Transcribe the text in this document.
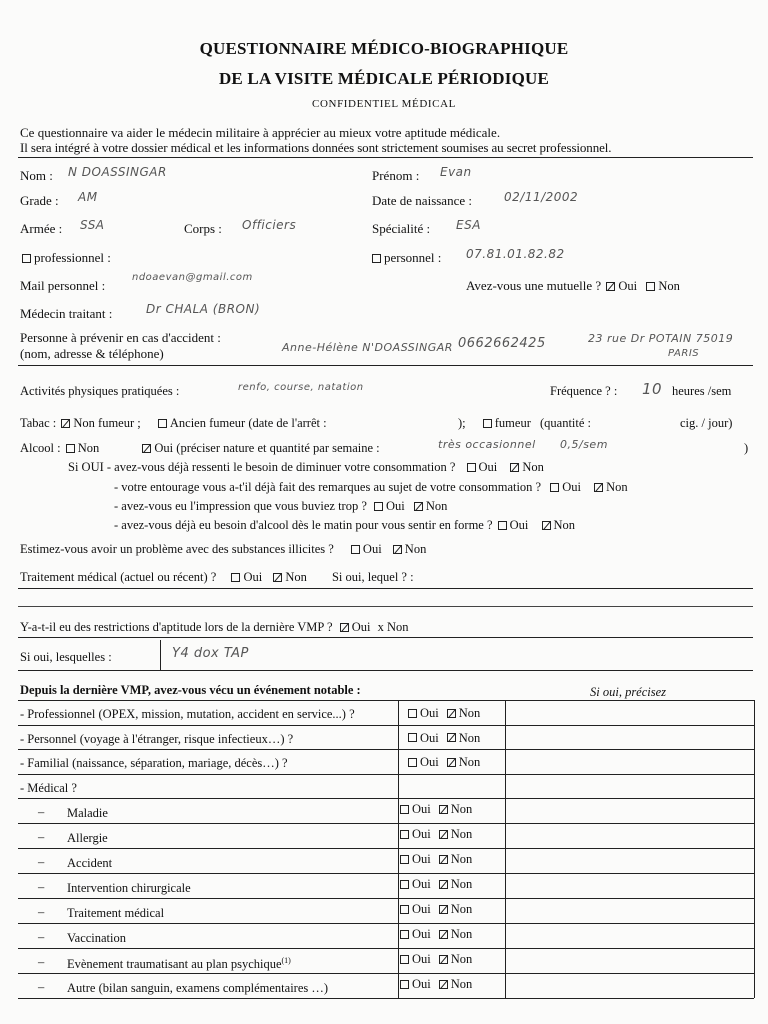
QUESTIONNAIRE MÉDICO-BIOGRAPHIQUE
DE LA VISITE MÉDICALE PÉRIODIQUE
CONFIDENTIEL MÉDICAL
Ce questionnaire va aider le médecin militaire à apprécier au mieux votre aptitude médicale.
Il sera intégré à votre dossier médical et les informations données sont strictement soumises au secret professionnel.
Nom : N DOASSINGAR	Prénom : Evan
Grade : AM	Date de naissance :	02/11/2002
Armée : SSA	Corps : Officiers	Spécialité : ESA
professionnel :	personnel : 07.81.01.82.82
Mail personnel :
ndoaevan@gmail.com
Avez-vous une mutuelle ? Oui Non
Médecin traitant :	Dr CHALA (BRON)
Personne à prévenir en cas d'accident :
(nom, adresse & téléphone)	Anne-Hélène N'DOASSINGAR 0662662425	23 rue Dr POTAIN 75019
PARIS
Activités physiques pratiquées :	renfo, course, natation	Fréquence ? : 10 heures /sem
Tabac : Non fumeur ; Ancien fumeur (date de l'arrêt :	); fumeur (quantité :	cig. / jour)
Alcool : Non	Oui (préciser nature et quantité par semaine :	très occasionnel 0,5/sem	)
Si OUI - avez-vous déjà ressenti le besoin de diminuer votre consommation ? Oui Non
- votre entourage vous a-t'il déjà fait des remarques au sujet de votre consommation ? Oui Non
- avez-vous eu l'impression que vous buviez trop ? Oui Non
- avez-vous déjà eu besoin d'alcool dès le matin pour vous sentir en forme ? Oui Non
Estimez-vous avoir un problème avec des substances illicites ? Oui Non
Traitement médical (actuel ou récent) ? Oui Non Si oui, lequel ? :
Y-a-t-il eu des restrictions d'aptitude lors de la dernière VMP ? Oui x Non
Si oui, lesquelles :	Y4 dox TAP
Depuis la dernière VMP, avez-vous vécu un événement notable :	Si oui, précisez
- Professionnel (OPEX, mission, mutation, accident en service...) ?	Oui Non
- Personnel (voyage à l'étranger, risque infectieux…) ?	Oui Non
- Familial (naissance, séparation, mariage, décès…) ?	Oui Non
- Médical ?
– Maladie	Oui Non
– Allergie	Oui Non
– Accident	Oui Non
– Intervention chirurgicale	Oui Non
– Traitement médical	Oui Non
– Vaccination	Oui Non
– Evènement traumatisant au plan psychique$^{(1)}$	Oui Non
– Autre (bilan sanguin, examens complémentaires …)	Oui Non
